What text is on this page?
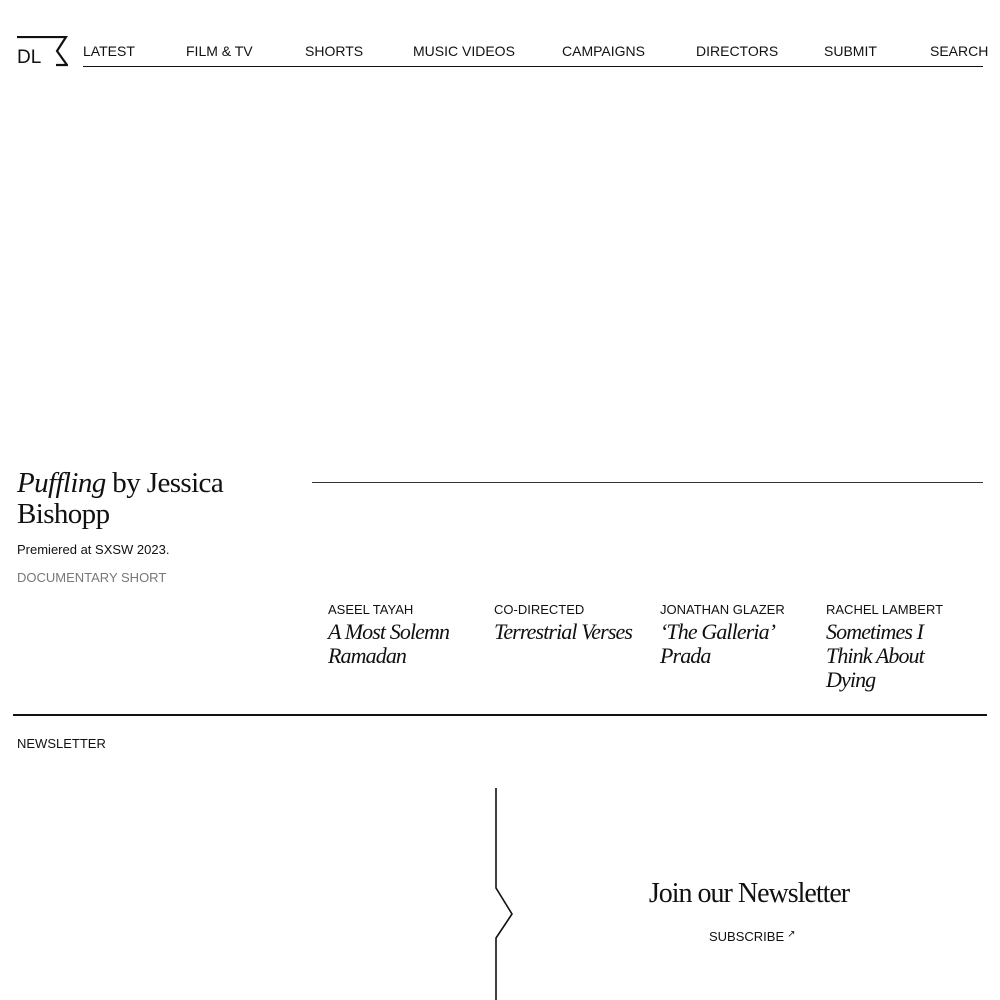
DL	LATEST	FILM & TV	SHORTS	MUSIC VIDEOS	CAMPAIGNS	DIRECTORS	SUBMIT	SEARCH
Puffling by Jessica Bishopp

Premiered at SXSW 2023.

DOCUMENTARY SHORT

ASEEL TAYAH

A Most Solemn Ramadan

CO-DIRECTED

Terrestrial Verses

JONATHAN GLAZER

‘The Galleria’ Prada

RACHEL LAMBERT

Sometimes I Think About Dying

NEWSLETTER

Join our Newsletter
SUBSCRIBE ↗
